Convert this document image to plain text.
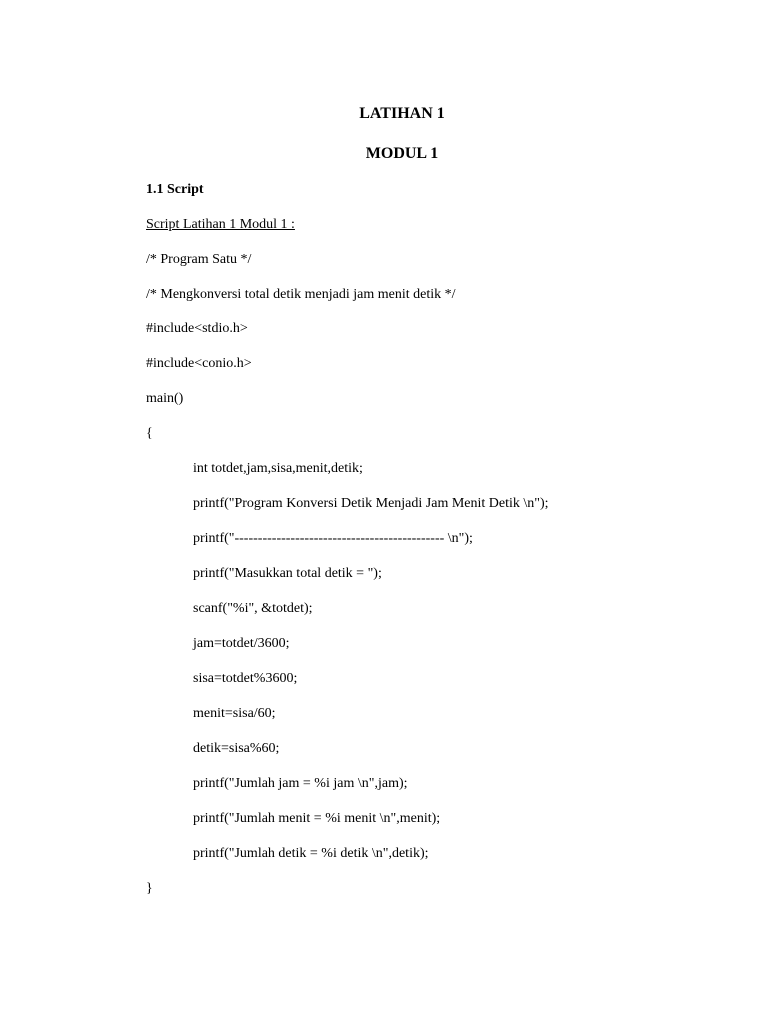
LATIHAN 1
MODUL 1
1.1 Script

Script Latihan 1 Modul 1 :

/* Program Satu */

/* Mengkonversi total detik menjadi jam menit detik */

#include<stdio.h>

#include<conio.h>

main()

{

int totdet,jam,sisa,menit,detik;

printf("Program Konversi Detik Menjadi Jam Menit Detik \n");

printf("--------------------------------------------- \n");

printf("Masukkan total detik = ");

scanf("%i", &totdet);

jam=totdet/3600;

sisa=totdet%3600;

menit=sisa/60;

detik=sisa%60;

printf("Jumlah jam = %i jam \n",jam);

printf("Jumlah menit = %i menit \n",menit);

printf("Jumlah detik = %i detik \n",detik);

}
